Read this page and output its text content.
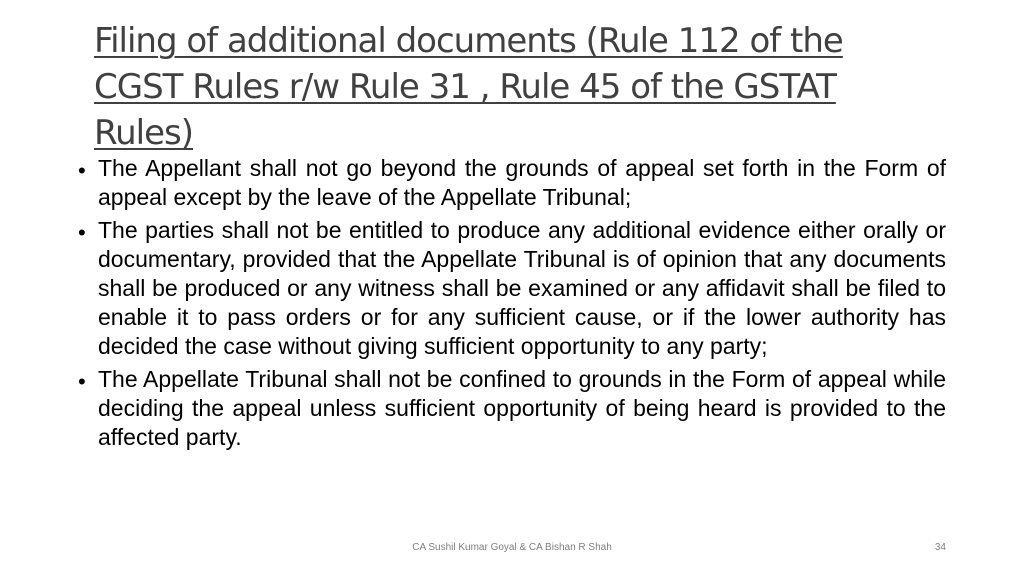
Filing of additional documents (Rule 112 of the CGST Rules r/w Rule 31 , Rule 45 of the GSTAT Rules)
• The Appellant shall not go beyond the grounds of appeal set forth in the Form of appeal except by the leave of the Appellate Tribunal;
• The parties shall not be entitled to produce any additional evidence either orally or documentary, provided that the Appellate Tribunal is of opinion that any documents shall be produced or any witness shall be examined or any affidavit shall be filed to enable it to pass orders or for any sufficient cause, or if the lower authority has decided the case without giving sufficient opportunity to any party;
• The Appellate Tribunal shall not be confined to grounds in the Form of appeal while deciding the appeal unless sufficient opportunity of being heard is provided to the affected party.
CA Sushil Kumar Goyal & CA Bishan R Shah	34
